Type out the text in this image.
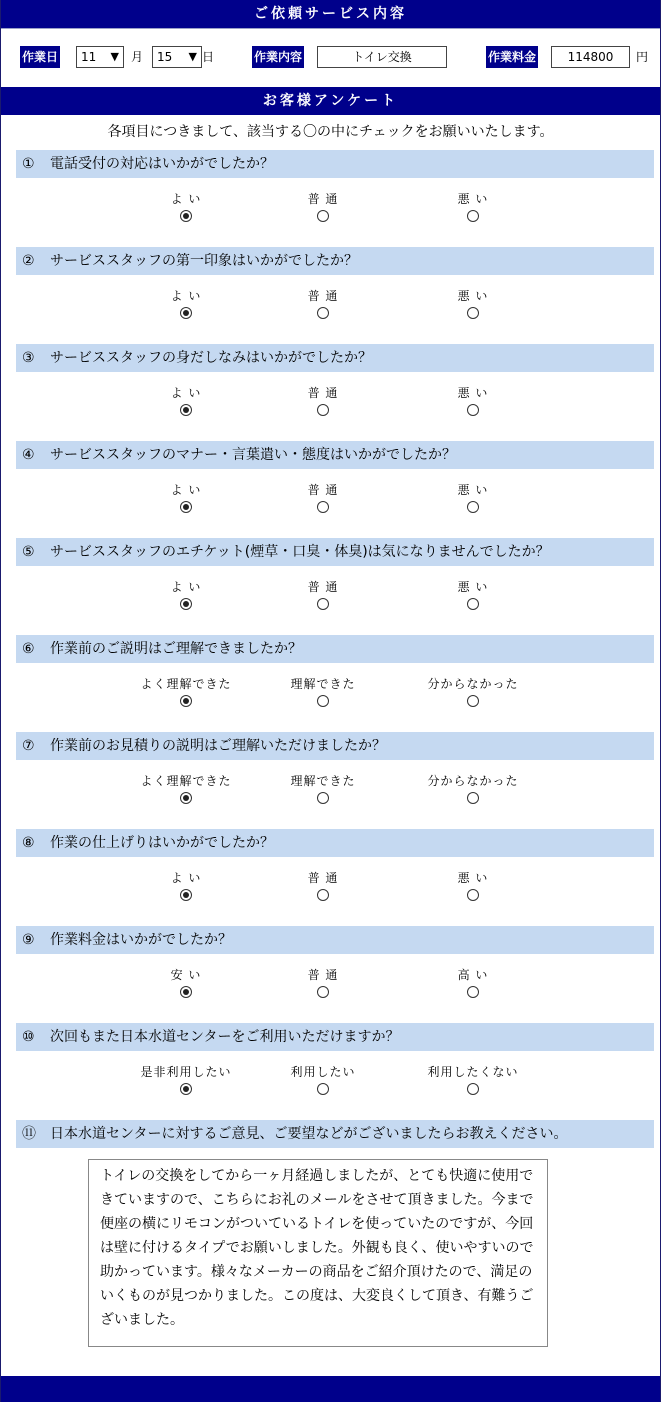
ご依頼サービス内容
作業日	11 ▼ 月	15 ▼ 日	作業内容	トイレ交換	作業料金	114800	円
お客様アンケート
各項目につきまして、該当する〇の中にチェックをお願いいたします。
① 電話受付の対応はいかがでしたか？
よ い	普 通	悪 い
② サービススタッフの第一印象はいかがでしたか？
よ い	普 通	悪 い
③ サービススタッフの身だしなみはいかがでしたか？
よ い	普 通	悪 い
④ サービススタッフのマナー・言葉遣い・態度はいかがでしたか？
よ い	普 通	悪 い
⑤ サービススタッフのエチケット(煙草・口臭・体臭)は気になりませんでしたか？
よ い	普 通	悪 い
⑥ 作業前のご説明はご理解できましたか？
よく理解できた	理解できた	分からなかった
⑦ 作業前のお見積りの説明はご理解いただけましたか？
よく理解できた	理解できた	分からなかった
⑧ 作業の仕上げりはいかがでしたか？
よ い	普 通	悪 い
⑨ 作業料金はいかがでしたか？
安 い	普 通	高 い
⑩ 次回もまた日本水道センターをご利用いただけますか？
是非利用したい	利用したい	利用したくない
⑪ 日本水道センターに対するご意見、ご要望などがございましたらお教えください。
トイレの交換をしてから一ヶ月経過しましたが、とても快適に使用できていますので、こちらにお礼のメールをさせて頂きました。今まで便座の横にリモコンがついているトイレを使っていたのですが、今回は壁に付けるタイプでお願いしました。外観も良く、使いやすいので助かっています。様々なメーカーの商品をご紹介頂けたので、満足のいくものが見つかりました。この度は、大変良くして頂き、有難うございました。
